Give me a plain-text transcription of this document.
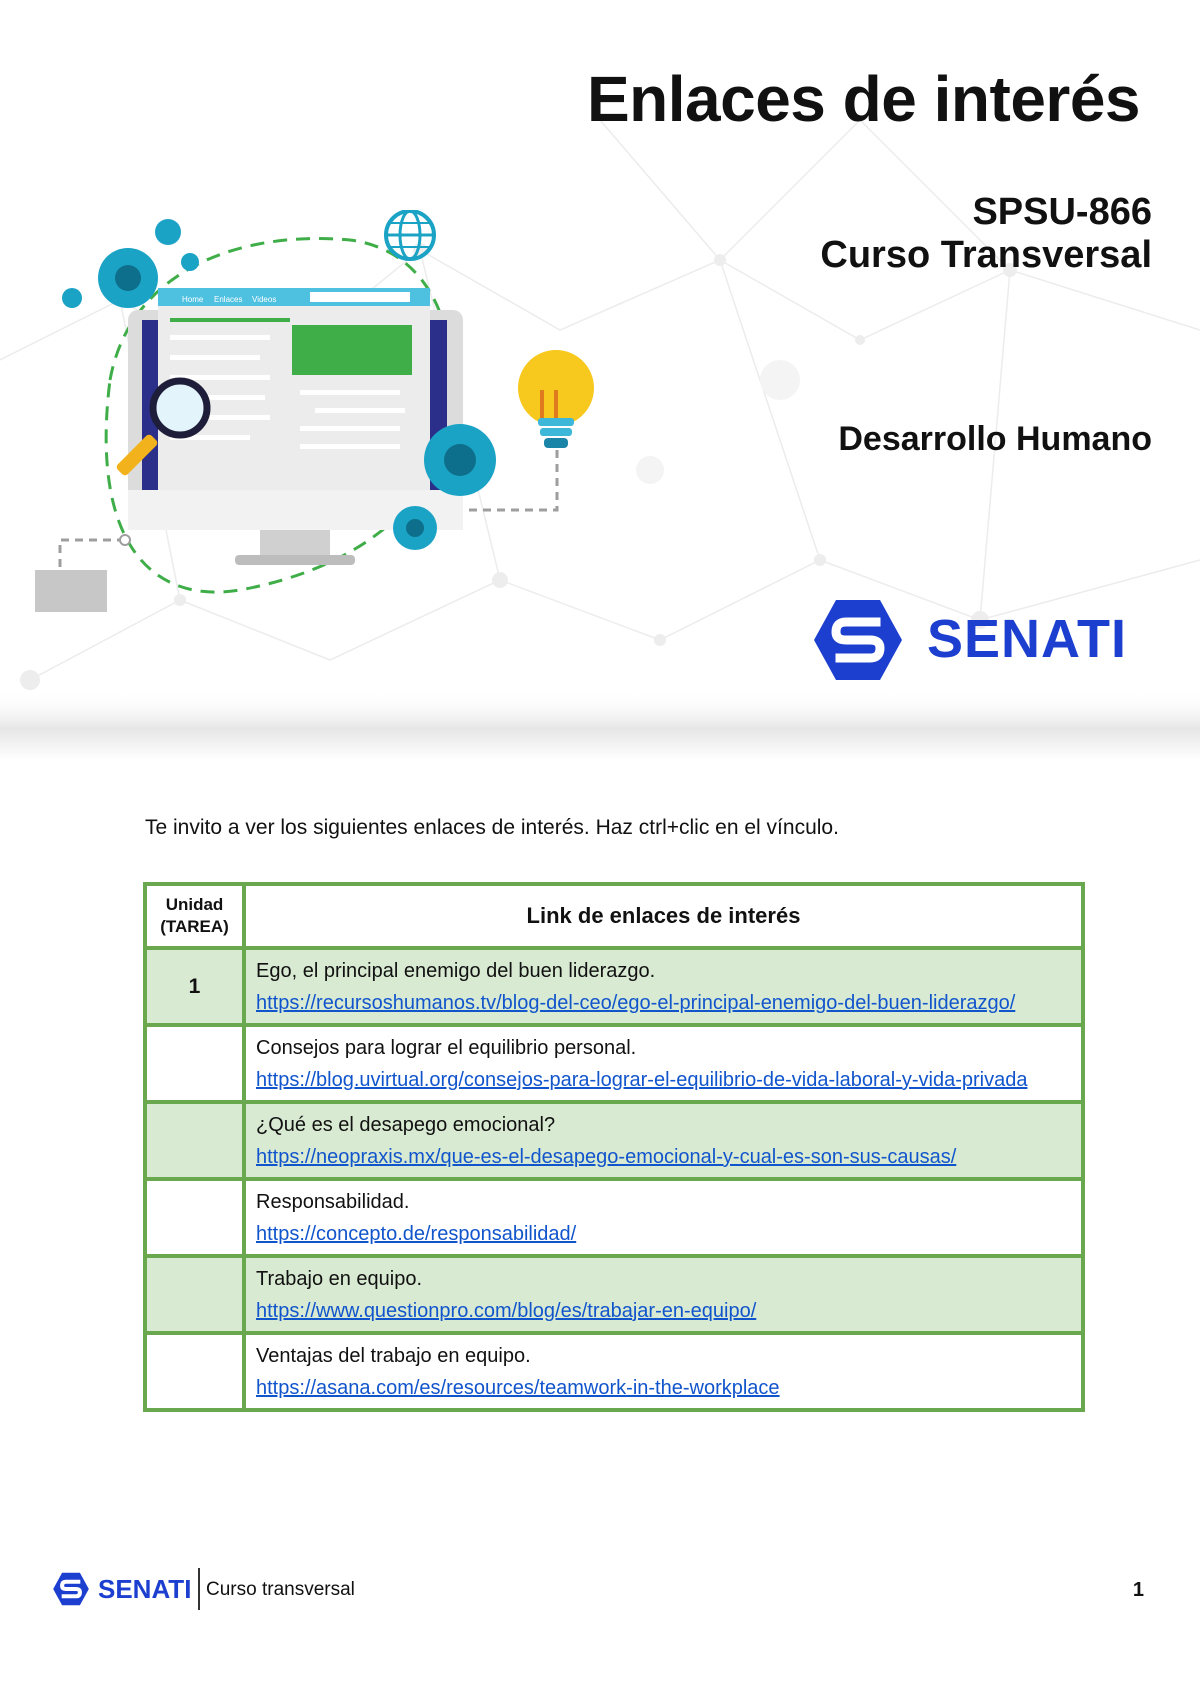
Enlaces de interés
SPSU-866
Curso Transversal
Desarrollo Humano
Home Enlaces Videos
SENATI

Te invito a ver los siguientes enlaces de interés. Haz ctrl+clic en el vínculo.

Unidad (TAREA)	Link de enlaces de interés
1	Ego, el principal enemigo del buen liderazgo.
https://recursoshumanos.tv/blog-del-ceo/ego-el-principal-enemigo-del-buen-liderazgo/

	Consejos para lograr el equilibrio personal.
https://blog.uvirtual.org/consejos-para-lograr-el-equilibrio-de-vida-laboral-y-vida-privada

	¿Qué es el desapego emocional?
https://neopraxis.mx/que-es-el-desapego-emocional-y-cual-es-son-sus-causas/

	Responsabilidad.
https://concepto.de/responsabilidad/

	Trabajo en equipo.
https://www.questionpro.com/blog/es/trabajar-en-equipo/

	Ventajas del trabajo en equipo.
https://asana.com/es/resources/teamwork-in-the-workplace
SENATI Curso transversal	1
